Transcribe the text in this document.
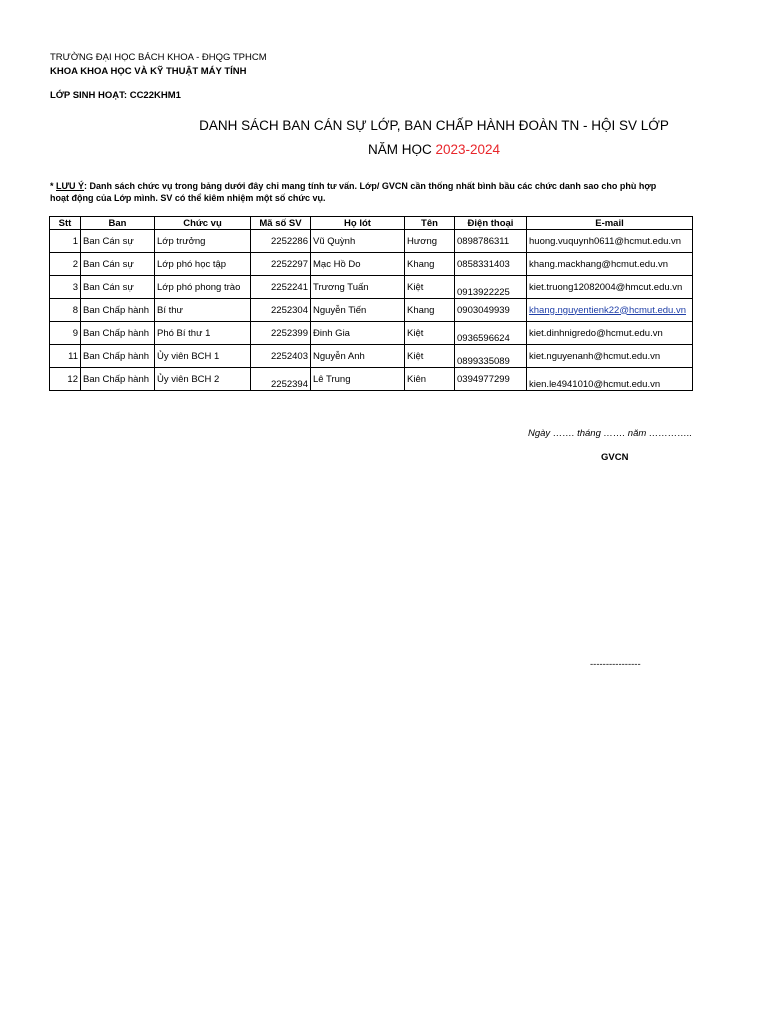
TRƯỜNG ĐẠI HỌC BÁCH KHOA - ĐHQG TPHCM
KHOA KHOA HỌC VÀ KỸ THUẬT MÁY TÍNH
LỚP SINH HOẠT: CC22KHM1
DANH SÁCH BAN CÁN SỰ LỚP, BAN CHẤP HÀNH ĐOÀN TN - HỘI SV LỚP
NĂM HỌC 2023-2024
* LƯU Ý: Danh sách chức vụ trong bảng dưới đây chỉ mang tính tư vấn. Lớp/ GVCN cần thống nhất bình bầu các chức danh sao cho phù hợp
hoạt động của Lớp mình. SV có thể kiêm nhiệm một số chức vụ.
Stt	Ban	Chức vụ	Mã số SV	Họ lót	Tên	Điện thoại	E-mail
1	Ban Cán sự	Lớp trưởng	2252286	Vũ Quỳnh	Hương	0898786311	huong.vuquynh0611@hcmut.edu.vn
2	Ban Cán sự	Lớp phó học tập	2252297	Mạc Hồ Do	Khang	0858331403	khang.mackhang@hcmut.edu.vn
3	Ban Cán sự	Lớp phó phong trào	2252241	Trương Tuấn	Kiệt	0913922225	kiet.truong12082004@hmcut.edu.vn
8	Ban Chấp hành	Bí thư	2252304	Nguyễn Tiến	Khang	0903049939	khang.nguyentienk22@hcmut.edu.vn
9	Ban Chấp hành	Phó Bí thư 1	2252399	Đinh Gia	Kiệt	0936596624	kiet.dinhnigredo@hcmut.edu.vn
11	Ban Chấp hành	Ủy viên BCH 1	2252403	Nguyễn Anh	Kiệt	0899335089	kiet.nguyenanh@hcmut.edu.vn
12	Ban Chấp hành	Ủy viên BCH 2	2252394	Lê Trung	Kiên	0394977299	kien.le4941010@hcmut.edu.vn
Ngày ……. tháng ……. năm …………..
GVCN
----------------
